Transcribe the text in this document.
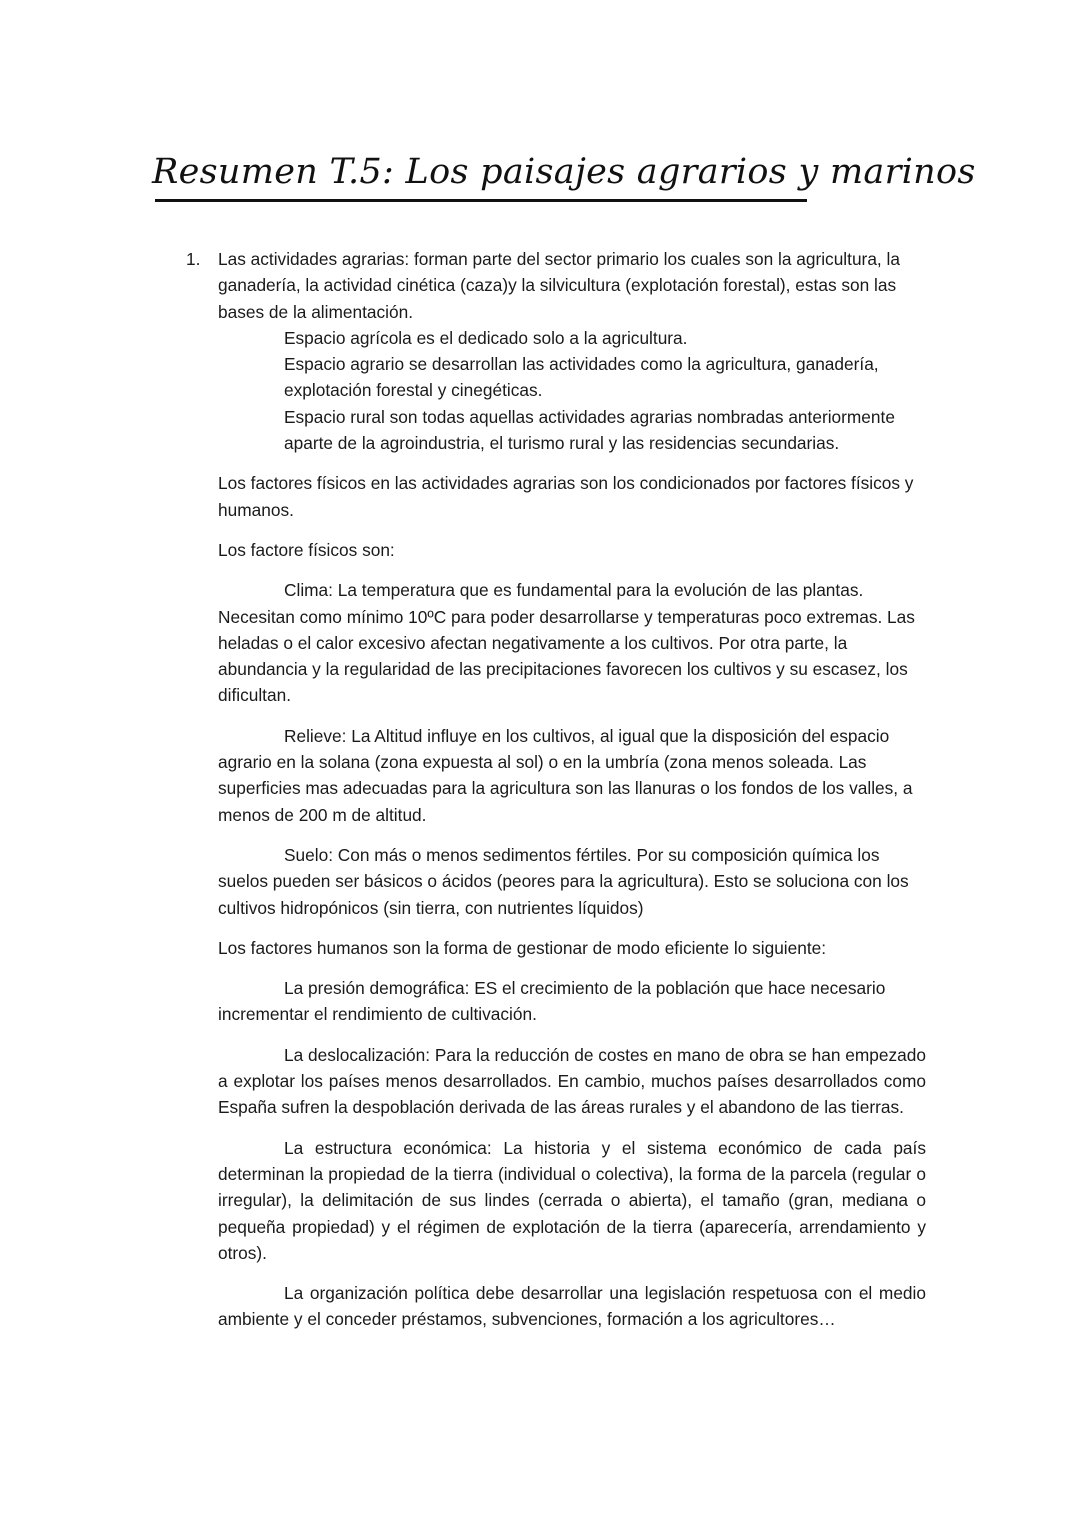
Resumen T.5: Los paisajes agrarios y marinos
1. Las actividades agrarias: forman parte del sector primario los cuales son la agricultura, la ganadería, la actividad cinética (caza)y la silvicultura (explotación forestal), estas son las bases de la alimentación.

Espacio agrícola es el dedicado solo a la agricultura.

Espacio agrario se desarrollan las actividades como la agricultura, ganadería, explotación forestal y cinegéticas.

Espacio rural son todas aquellas actividades agrarias nombradas anteriormente aparte de la agroindustria, el turismo rural y las residencias secundarias.

Los factores físicos en las actividades agrarias son los condicionados por factores físicos y humanos.

Los factore físicos son:

Clima: La temperatura que es fundamental para la evolución de las plantas. Necesitan como mínimo 10ºC para poder desarrollarse y temperaturas poco extremas. Las heladas o el calor excesivo afectan negativamente a los cultivos. Por otra parte, la abundancia y la regularidad de las precipitaciones favorecen los cultivos y su escasez, los dificultan.

Relieve: La Altitud influye en los cultivos, al igual que la disposición del espacio agrario en la solana (zona expuesta al sol) o en la umbría (zona menos soleada. Las superficies mas adecuadas para la agricultura son las llanuras o los fondos de los valles, a menos de 200 m de altitud.

Suelo: Con más o menos sedimentos fértiles. Por su composición química los suelos pueden ser básicos o ácidos (peores para la agricultura). Esto se soluciona con los cultivos hidropónicos (sin tierra, con nutrientes líquidos)

Los factores humanos son la forma de gestionar de modo eficiente lo siguiente:

La presión demográfica: ES el crecimiento de la población que hace necesario incrementar el rendimiento de cultivación.

La deslocalización: Para la reducción de costes en mano de obra se han empezado a explotar los países menos desarrollados. En cambio, muchos países desarrollados como España sufren la despoblación derivada de las áreas rurales y el abandono de las tierras.

La estructura económica: La historia y el sistema económico de cada país determinan la propiedad de la tierra (individual o colectiva), la forma de la parcela (regular o irregular), la delimitación de sus lindes (cerrada o abierta), el tamaño (gran, mediana o pequeña propiedad) y el régimen de explotación de la tierra (aparecería, arrendamiento y otros).

La organización política debe desarrollar una legislación respetuosa con el medio ambiente y el conceder préstamos, subvenciones, formación a los agricultores…
